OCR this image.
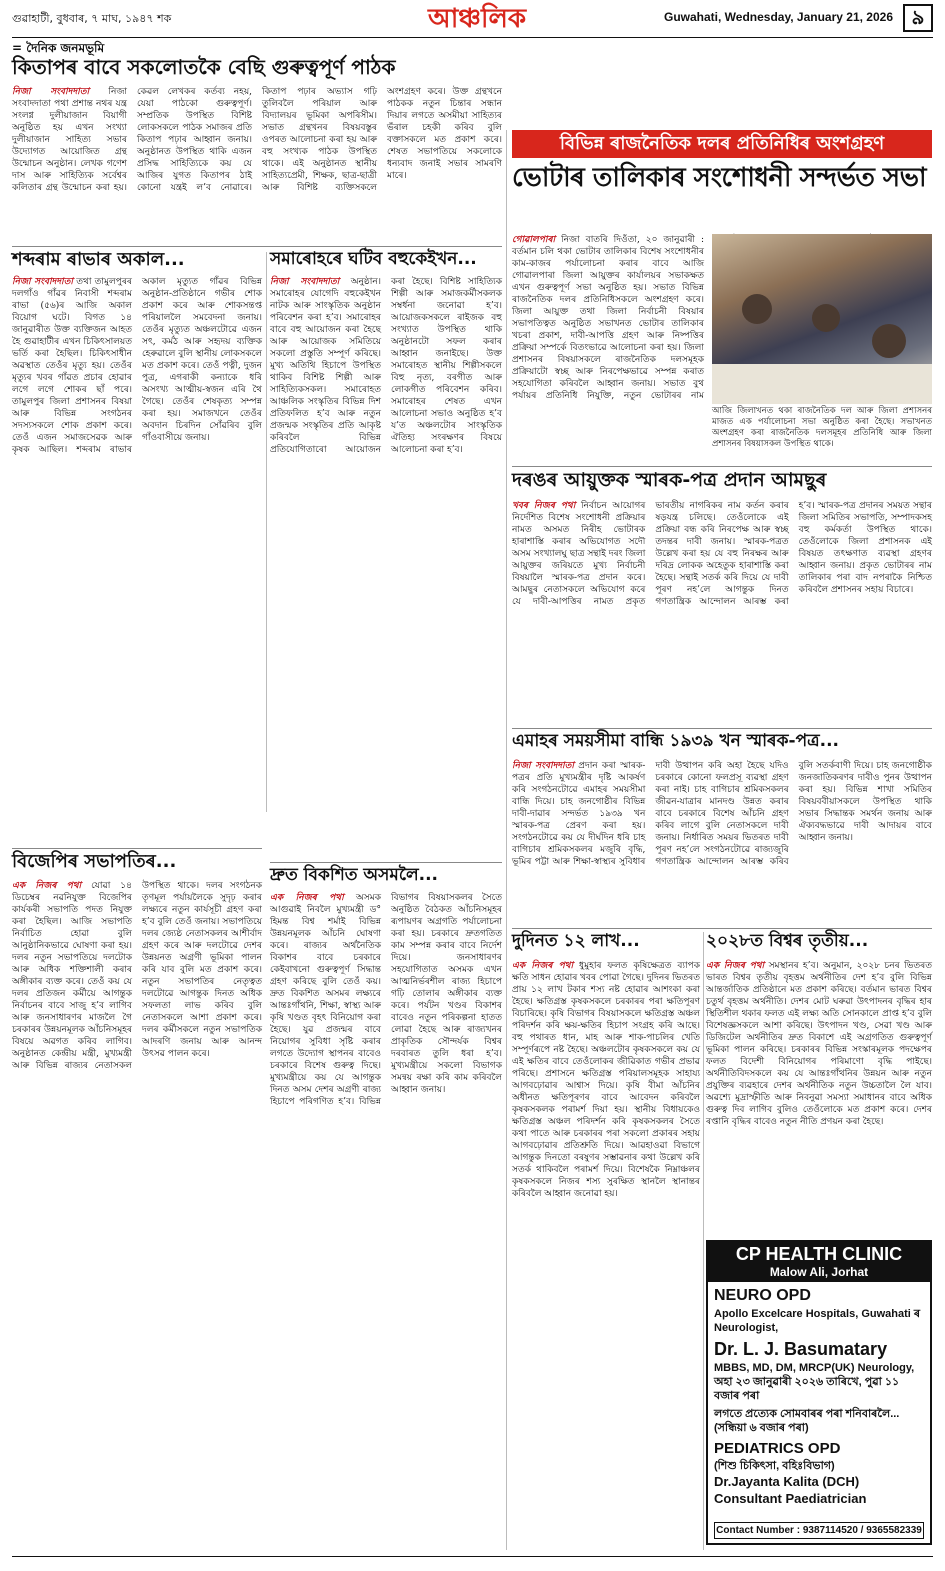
গুৱাহাটী, বুধবাৰ, ৭ মাঘ, ১৯৪৭ শক	আঞ্চলিক	Guwahati, Wednesday, January 21, 2026 ৯
= দৈনিক জনমভূমি
কিতাপৰ বাবে সকলোতকৈ বেছি গুৰুত্বপূর্ণ পাঠক
নিজা সংবাদদাতা নিজা সংবাদদাতা পথা প্ৰশান্ত নথৰ যন্ত্ৰ সংলগ্ন দুলীয়াজান বিয়াগী অনুষ্ঠিত হয় এখন সংখ্যা দুলীয়াজান সাহিত্য সভাৰ উদ্যোগত আয়োজিত গ্ৰন্থ উন্মোচন অনুষ্ঠান। লেখক গণেশ দাস আৰু সাহিত্যিক সৰ্বেশ্বৰ কলিতাৰ গ্ৰন্থ উন্মোচন কৰা হয়। কেৱল লেখকৰ কৰ্তব্য নহয়, যেয়া পাঠকো গুৰুত্বপূৰ্ণ। সম্প্ৰতিক উপস্থিত বিশিষ্ট লোকসকলে পাঠক সমাজৰ প্ৰতি কিতাপ পঢ়াৰ আহ্বান জনায়। অনুষ্ঠানত উপস্থিত থাকি এজন প্ৰসিদ্ধ সাহিত্যিকে কয় যে আজিৰ যুগত কিতাপৰ ঠাই কোনো যন্ত্ৰই ল’ব নোৱাৰে। কিতাপ পঢ়াৰ অভ্যাস গঢ়ি তুলিবলৈ পৰিয়াল আৰু বিদ্যালয়ৰ ভূমিকা অপৰিসীম। সভাত গ্ৰন্থখনৰ বিষয়বস্তুৰ ওপৰত আলোচনা কৰা হয় আৰু বহু সংখ্যক পাঠক উপস্থিত থাকে। এই অনুষ্ঠানত স্থানীয় সাহিত্যপ্ৰেমী, শিক্ষক, ছাত্ৰ-ছাত্ৰী আৰু বিশিষ্ট ব্যক্তিসকলে অংশগ্ৰহণ কৰে। উক্ত গ্ৰন্থখনে পাঠকক নতুন চিন্তাৰ সন্ধান দিয়াৰ লগতে অসমীয়া সাহিত্যৰ ভঁৰাল চহকী কৰিব বুলি বক্তাসকলে মত প্ৰকাশ কৰে। শেষত সভাপতিয়ে সকলোকে ধন্যবাদ জনাই সভাৰ সামৰণি মাৰে।
বিভিন্ন ৰাজনৈতিক দলৰ প্ৰতিনিধিৰ অংশগ্ৰহণ
ভোটাৰ তালিকাৰ সংশোধনী সন্দৰ্ভত সভা
গোৱালপাৰা নিজা বাতৰি দিওঁতা, ২০ জানুৱাৰী : বৰ্তমান চলি থকা ভোটাৰ তালিকাৰ বিশেষ সংশোধনীৰ কাম-কাজৰ পৰ্যালোচনা কৰাৰ বাবে আজি গোৱালপাৰা জিলা আয়ুক্তৰ কাৰ্যালয়ৰ সভাকক্ষত এখন গুৰুত্বপূৰ্ণ সভা অনুষ্ঠিত হয়। সভাত বিভিন্ন ৰাজনৈতিক দলৰ প্ৰতিনিধিসকলে অংশগ্ৰহণ কৰে। জিলা আয়ুক্ত তথা জিলা নিৰ্বাচনী বিষয়াৰ সভাপতিত্বত অনুষ্ঠিত সভাখনত ভোটাৰ তালিকাৰ খচৰা প্ৰকাশ, দাবী-আপত্তি গ্ৰহণ আৰু নিষ্পত্তিৰ প্ৰক্ৰিয়া সম্পৰ্কে বিতংভাৱে আলোচনা কৰা হয়। জিলা প্ৰশাসনৰ বিষয়াসকলে ৰাজনৈতিক দলসমূহক প্ৰক্ৰিয়াটো স্বচ্ছ আৰু নিৰপেক্ষভাৱে সম্পন্ন কৰাত সহযোগিতা কৰিবলৈ আহ্বান জনায়। সভাত বুথ পৰ্যায়ৰ প্ৰতিনিধি নিযুক্তি, নতুন ভোটাৰৰ নাম
আজি জিলাখনত থকা ৰাজনৈতিক দল আৰু জিলা প্ৰশাসনৰ মাজত এক পৰ্যালোচনা সভা অনুষ্ঠিত কৰা হৈছে। সভাখনত অংশগ্ৰহণ কৰা ৰাজনৈতিক দলসমূহৰ প্ৰতিনিধি আৰু জিলা প্ৰশাসনৰ বিষয়াসকল উপস্থিত থাকে।
শব্দৰাম ৰাভাৰ অকাল...
নিজা সংবাদদাতা তথা তামুলপুৰৰ দলগাঁও গাঁৱৰ নিবাসী শব্দৰাম ৰাভা (৫৬)ৰ আজি অকাল বিয়োগ ঘটে। বিগত ১৪ জানুৱাৰীত উক্ত ব্যক্তিজন আহত হৈ গুৱাহাটীৰ এখন চিকিৎসালয়ত ভৰ্তি কৰা হৈছিল। চিকিৎসাধীন অৱস্থাত তেওঁৰ মৃত্যু হয়। তেওঁৰ মৃত্যুৰ খবৰ গাঁৱত প্ৰচাৰ হোৱাৰ লগে লগে শোকৰ ছাঁ পৰে। তামুলপুৰ জিলা প্ৰশাসনৰ বিষয়া আৰু বিভিন্ন সংগঠনৰ সদস্যসকলে শোক প্ৰকাশ কৰে। তেওঁ এজন সমাজসেৱক আৰু কৃষক আছিল। শব্দৰাম ৰাভাৰ অকাল মৃত্যুত গাঁৱৰ বিভিন্ন অনুষ্ঠান-প্ৰতিষ্ঠানে গভীৰ শোক প্ৰকাশ কৰে আৰু শোকসন্তপ্ত পৰিয়াললৈ সমবেদনা জনায়। তেওঁৰ মৃত্যুত অঞ্চলটোৱে এজন সৎ, কৰ্মঠ আৰু সহৃদয় ব্যক্তিক হেৰুৱালে বুলি স্থানীয় লোকসকলে মত প্ৰকাশ কৰে। তেওঁ পত্নী, দুজন পুত্ৰ, এগৰাকী কন্যাকে ধৰি অসংখ্য আত্মীয়-স্বজন এৰি থৈ গৈছে। তেওঁৰ শেষকৃত্য সম্পন্ন কৰা হয়। সমাজখনে তেওঁৰ অবদান চিৰদিন সোঁৱৰিব বুলি গাঁওবাসীয়ে জনায়।
সমাৰোহৰে ঘটিব বহুকেইখন...
নিজা সংবাদদাতা অনুষ্ঠান। সমাৰোহৰ যোগেদি বহুকেইখন নাটক আৰু সাংস্কৃতিক অনুষ্ঠান পৰিবেশন কৰা হ’ব। সমাৰোহৰ বাবে বহু আয়োজন কৰা হৈছে আৰু আয়োজক সমিতিয়ে সকলো প্ৰস্তুতি সম্পূৰ্ণ কৰিছে। মুখ্য অতিথি হিচাপে উপস্থিত থাকিব বিশিষ্ট শিল্পী আৰু সাহিত্যিকসকল। সমাৰোহত আঞ্চলিক সংস্কৃতিৰ বিভিন্ন দিশ প্ৰতিফলিত হ’ব আৰু নতুন প্ৰজন্মক সংস্কৃতিৰ প্ৰতি আকৃষ্ট কৰিবলৈ বিভিন্ন প্ৰতিযোগিতাৰো আয়োজন কৰা হৈছে। বিশিষ্ট সাহিত্যিক শিল্পী আৰু সমাজকৰ্মীসকলক সম্বৰ্ধনা জনোৱা হ’ব। আয়োজকসকলে ৰাইজক বহু সংখ্যাত উপস্থিত থাকি অনুষ্ঠানটো সফল কৰাৰ আহ্বান জনাইছে। উক্ত সমাৰোহত স্থানীয় শিল্পীসকলে বিহু নৃত্য, বৰগীত আৰু লোকগীত পৰিবেশন কৰিব। সমাৰোহৰ শেষত এখন আলোচনা সভাও অনুষ্ঠিত হ’ব য’ত অঞ্চলটোৰ সাংস্কৃতিক ঐতিহ্য সংৰক্ষণৰ বিষয়ে আলোচনা কৰা হ’ব।
বিজেপিৰ সভাপতিৰ...
এক নিজৰ পথা যোৱা ১৪ ডিচেম্বৰ নৱনিযুক্ত বিজেপিৰ কাৰ্যকৰী সভাপতি পদত নিযুক্ত কৰা হৈছিল। আজি সভাপতি নিৰ্বাচিত হোৱা বুলি আনুষ্ঠানিকভাৱে ঘোষণা কৰা হয়। দলৰ নতুন সভাপতিয়ে দলটোক আৰু অধিক শক্তিশালী কৰাৰ অঙ্গীকাৰ ব্যক্ত কৰে। তেওঁ কয় যে দলৰ প্ৰতিজন কৰ্মীয়ে আগন্তুক নিৰ্বাচনৰ বাবে সাজু হ’ব লাগিব আৰু জনসাধাৰণৰ মাজলৈ গৈ চৰকাৰৰ উন্নয়নমূলক আঁচনিসমূহৰ বিষয়ে অৱগত কৰিব লাগিব। অনুষ্ঠানত কেন্দ্ৰীয় মন্ত্ৰী, মুখ্যমন্ত্ৰী আৰু বিভিন্ন ৰাজ্যৰ নেতাসকল উপস্থিত থাকে। দলৰ সংগঠনক তৃণমূল পৰ্যায়লৈকে সুদৃঢ় কৰাৰ লক্ষ্যৰে নতুন কাৰ্যসূচী গ্ৰহণ কৰা হ’ব বুলি তেওঁ জনায়। সভাপতিয়ে দলৰ জ্যেষ্ঠ নেতাসকলৰ আশীৰ্বাদ গ্ৰহণ কৰে আৰু দলটোৱে দেশৰ উন্নয়নত অগ্ৰণী ভূমিকা পালন কৰি যাব বুলি মত প্ৰকাশ কৰে। নতুন সভাপতিৰ নেতৃত্বত দলটোৱে আগন্তুক দিনত অধিক সফলতা লাভ কৰিব বুলি নেতাসকলে আশা প্ৰকাশ কৰে। দলৰ কৰ্মীসকলে নতুন সভাপতিক আদৰণি জনায় আৰু আনন্দ উৎসৱ পালন কৰে।
দ্ৰুত বিকশিত অসমলৈ...
এক নিজৰ পথা অসমক আগুৱাই নিবলৈ মুখ্যমন্ত্ৰী ড° হিমন্ত বিশ্ব শৰ্মাই বিভিন্ন উন্নয়নমূলক আঁচনি ঘোষণা কৰে। ৰাজ্যৰ অৰ্থনৈতিক বিকাশৰ বাবে চৰকাৰে কেইবাখনো গুৰুত্বপূৰ্ণ সিদ্ধান্ত গ্ৰহণ কৰিছে বুলি তেওঁ কয়। দ্ৰুত বিকশিত অসমৰ লক্ষ্যৰে আন্তঃগাঁথনি, শিক্ষা, স্বাস্থ্য আৰু কৃষি খণ্ডত বৃহৎ বিনিয়োগ কৰা হৈছে। যুৱ প্ৰজন্মৰ বাবে নিয়োগৰ সুবিধা সৃষ্টি কৰাৰ লগতে উদ্যোগ স্থাপনৰ বাবেও চৰকাৰে বিশেষ গুৰুত্ব দিছে। মুখ্যমন্ত্ৰীয়ে কয় যে আগন্তুক দিনত অসম দেশৰ অগ্ৰণী ৰাজ্য হিচাপে পৰিগণিত হ’ব। বিভিন্ন বিভাগৰ বিষয়াসকলৰ সৈতে অনুষ্ঠিত বৈঠকত আঁচনিসমূহৰ ৰূপায়ণৰ অগ্ৰগতি পৰ্যালোচনা কৰা হয়। চৰকাৰে দ্ৰুতগতিত কাম সম্পন্ন কৰাৰ বাবে নিৰ্দেশ দিয়ে। জনসাধাৰণৰ সহযোগিতাত অসমক এখন আত্মনিৰ্ভৰশীল ৰাজ্য হিচাপে গঢ়ি তোলাৰ অঙ্গীকাৰ ব্যক্ত কৰে। পৰ্যটন খণ্ডৰ বিকাশৰ বাবেও নতুন পৰিকল্পনা হাতত লোৱা হৈছে আৰু ৰাজ্যখনৰ প্ৰাকৃতিক সৌন্দৰ্যক বিশ্বৰ দৰবাৰত তুলি ধৰা হ’ব। মুখ্যমন্ত্ৰীয়ে সকলো বিভাগক সমন্বয় ৰক্ষা কৰি কাম কৰিবলৈ আহ্বান জনায়।
দৰঙৰ আয়ুক্তক স্মাৰক-পত্ৰ প্ৰদান আমছুৰ
খবৰ নিজৰ পথা নিৰ্বাচন আয়োগৰ নিৰ্দেশিত বিশেষ সংশোধনী প্ৰক্ৰিয়াৰ নামত অসমত নিৰীহ ভোটাৰক হাৰাশাস্তি কৰাৰ অভিযোগত সদৌ অসম সংখ্যালঘু ছাত্ৰ সন্থাই দৰং জিলা আয়ুক্তৰ জৰিয়তে মুখ্য নিৰ্বাচনী বিষয়ালৈ স্মাৰক-পত্ৰ প্ৰদান কৰে। আমছুৰ নেতাসকলে অভিযোগ কৰে যে দাবী-আপত্তিৰ নামত প্ৰকৃত ভাৰতীয় নাগৰিকৰ নাম কৰ্তন কৰাৰ ষড়যন্ত্ৰ চলিছে। তেওঁলোকে এই প্ৰক্ৰিয়া বন্ধ কৰি নিৰপেক্ষ আৰু স্বচ্ছ তদন্তৰ দাবী জনায়। স্মাৰক-পত্ৰত উল্লেখ কৰা হয় যে বহু নিৰক্ষৰ আৰু দৰিদ্ৰ লোকক অহেতুক হাৰাশাস্তি কৰা হৈছে। সন্থাই সতৰ্ক কৰি দিয়ে যে দাবী পূৰণ নহ’লে আগন্তুক দিনত গণতান্ত্ৰিক আন্দোলন আৰম্ভ কৰা হ’ব। স্মাৰক-পত্ৰ প্ৰদানৰ সময়ত সন্থাৰ জিলা সমিতিৰ সভাপতি, সম্পাদকসহ বহু কৰ্মকৰ্তা উপস্থিত থাকে। তেওঁলোকে জিলা প্ৰশাসনক এই বিষয়ত তৎক্ষণাত ব্যৱস্থা গ্ৰহণৰ আহ্বান জনায়। প্ৰকৃত ভোটাৰৰ নাম তালিকাৰ পৰা বাদ নপৰাকৈ নিশ্চিত কৰিবলৈ প্ৰশাসনৰ সহায় বিচাৰে।
এমাহৰ সময়সীমা বান্ধি ১৯৩৯ খন স্মাৰক-পত্ৰ...
নিজা সংবাদদাতা প্ৰদান কৰা স্মাৰক-পত্ৰৰ প্ৰতি মুখ্যমন্ত্ৰীৰ দৃষ্টি আকৰ্ষণ কৰি সংগঠনটোৱে এমাহৰ সময়সীমা বান্ধি দিয়ে। চাহ জনগোষ্ঠীৰ বিভিন্ন দাবী-দাৱাৰ সন্দৰ্ভত ১৯৩৯ খন স্মাৰক-পত্ৰ প্ৰেৰণ কৰা হয়। সংগঠনটোৱে কয় যে দীৰ্ঘদিন ধৰি চাহ বাগিচাৰ শ্ৰমিকসকলৰ মজুৰি বৃদ্ধি, ভূমিৰ পট্টা আৰু শিক্ষা-স্বাস্থ্যৰ সুবিধাৰ দাবী উত্থাপন কৰি অহা হৈছে যদিও চৰকাৰে কোনো ফলপ্ৰসূ ব্যৱস্থা গ্ৰহণ কৰা নাই। চাহ বাগিচাৰ শ্ৰমিকসকলৰ জীৱন-যাত্ৰাৰ মানদণ্ড উন্নত কৰাৰ বাবে চৰকাৰে বিশেষ আঁচনি গ্ৰহণ কৰিব লাগে বুলি নেতাসকলে দাবী জনায়। নিৰ্ধাৰিত সময়ৰ ভিতৰত দাবী পূৰণ নহ’লে সংগঠনটোৱে ৰাজ্যজুৰি গণতান্ত্ৰিক আন্দোলন আৰম্ভ কৰিব বুলি সতৰ্কবাণী দিয়ে। চাহ জনগোষ্ঠীক জনজাতিকৰণৰ দাবীও পুনৰ উত্থাপন কৰা হয়। বিভিন্ন শাখা সমিতিৰ বিষয়ববীয়াসকলে উপস্থিত থাকি সভাৰ সিদ্ধান্তক সমৰ্থন জনায় আৰু ঐক্যবদ্ধভাৱে দাবী আদায়ৰ বাবে আহ্বান জনায়।
দুদিনত ১২ লাখ...
এক নিজৰ পথা ধুমুহাৰ ফলত কৃষিক্ষেত্ৰত ব্যাপক ক্ষতি সাধন হোৱাৰ খবৰ পোৱা গৈছে। দুদিনৰ ভিতৰত প্ৰায় ১২ লাখ টকাৰ শস্য নষ্ট হোৱাৰ আশংকা কৰা হৈছে। ক্ষতিগ্ৰস্ত কৃষকসকলে চৰকাৰৰ পৰা ক্ষতিপূৰণ বিচাৰিছে। কৃষি বিভাগৰ বিষয়াসকলে ক্ষতিগ্ৰস্ত অঞ্চল পৰিদৰ্শন কৰি ক্ষয়-ক্ষতিৰ হিচাপ সংগ্ৰহ কৰি আছে। বহু পথাৰত ধান, মাহ আৰু শাক-পাচলিৰ খেতি সম্পূৰ্ণৰূপে নষ্ট হৈছে। অঞ্চলটোৰ কৃষকসকলে কয় যে এই ক্ষতিৰ বাবে তেওঁলোকৰ জীৱিকাত গভীৰ প্ৰভাৱ পৰিছে। প্ৰশাসনে ক্ষতিগ্ৰস্ত পৰিয়ালসমূহক সাহায্য আগবঢ়োৱাৰ আশ্বাস দিয়ে। কৃষি বীমা আঁচনিৰ অধীনত ক্ষতিপূৰণৰ বাবে আবেদন কৰিবলৈ কৃষকসকলক পৰামৰ্শ দিয়া হয়। স্থানীয় বিধায়কেও ক্ষতিগ্ৰস্ত অঞ্চল পৰিদৰ্শন কৰি কৃষকসকলৰ সৈতে কথা পাতে আৰু চৰকাৰৰ পৰা সকলো প্ৰকাৰৰ সহায় আগবঢ়োৱাৰ প্ৰতিশ্ৰুতি দিয়ে। আৱহাওৱা বিভাগে আগন্তুক দিনতো বৰষুণৰ সম্ভাৱনাৰ কথা উল্লেখ কৰি সতৰ্ক থাকিবলৈ পৰামৰ্শ দিয়ে। বিশেষকৈ নিম্নাঞ্চলৰ কৃষকসকলে নিজৰ শস্য সুৰক্ষিত স্থানলৈ স্থানান্তৰ কৰিবলৈ আহ্বান জনোৱা হয়।
২০২৮ত বিশ্বৰ তৃতীয়...
এক নিজৰ পথা সমস্থানৰ হ’ব। অনুমান, ২০২৮ চনৰ ভিতৰত ভাৰত বিশ্বৰ তৃতীয় বৃহত্তম অৰ্থনীতিৰ দেশ হ’ব বুলি বিভিন্ন আন্তৰ্জাতিক প্ৰতিষ্ঠানে মত প্ৰকাশ কৰিছে। বৰ্তমান ভাৰত বিশ্বৰ চতুৰ্থ বৃহত্তম অৰ্থনীতি। দেশৰ মোট ঘৰুৱা উৎপাদনৰ বৃদ্ধিৰ হাৰ স্থিতিশীল থকাৰ ফলত এই লক্ষ্য অতি সোনকালে প্ৰাপ্ত হ’ব বুলি বিশেষজ্ঞসকলে আশা কৰিছে। উৎপাদন খণ্ড, সেৱা খণ্ড আৰু ডিজিটেল অৰ্থনীতিৰ দ্ৰুত বিকাশে এই অগ্ৰগতিত গুৰুত্বপূৰ্ণ ভূমিকা পালন কৰিছে। চৰকাৰৰ বিভিন্ন সংস্কাৰমূলক পদক্ষেপৰ ফলত বিদেশী বিনিয়োগৰ পৰিমাণো বৃদ্ধি পাইছে। অৰ্থনীতিবিদসকলে কয় যে আন্তঃগাঁথনিৰ উন্নয়ন আৰু নতুন প্ৰযুক্তিৰ ব্যৱহাৰে দেশৰ অৰ্থনীতিক নতুন উচ্চতালৈ লৈ যাব। অৱশ্যে মুদ্ৰাস্ফীতি আৰু নিবনুৱা সমস্যা সমাধানৰ বাবে অধিক গুৰুত্ব দিব লাগিব বুলিও তেওঁলোকে মত প্ৰকাশ কৰে। দেশৰ ৰপ্তানি বৃদ্ধিৰ বাবেও নতুন নীতি প্ৰণয়ন কৰা হৈছে।
CP HEALTH CLINIC
Malow Ali, Jorhat
NEURO OPD
Apollo Excelcare Hospitals, Guwahati ৰ
Neurologist,
Dr. L. J. Basumatary
MBBS, MD, DM, MRCP(UK) Neurology,
অহা ২৩ জানুৱাৰী ২০২৬ তাৰিখে, পুৱা ১১ বজাৰ পৰা
লগতে প্ৰত্যেক সোমবাৰৰ পৰা শনিবাৰলৈ...
(সন্ধিয়া ৬ বজাৰ পৰা)
PEDIATRICS OPD
(শিশু চিকিৎসা, বহিঃবিভাগ)
Dr.Jayanta Kalita (DCH)
Consultant Paediatrician
Contact Number : 9387114520 / 9365582339
